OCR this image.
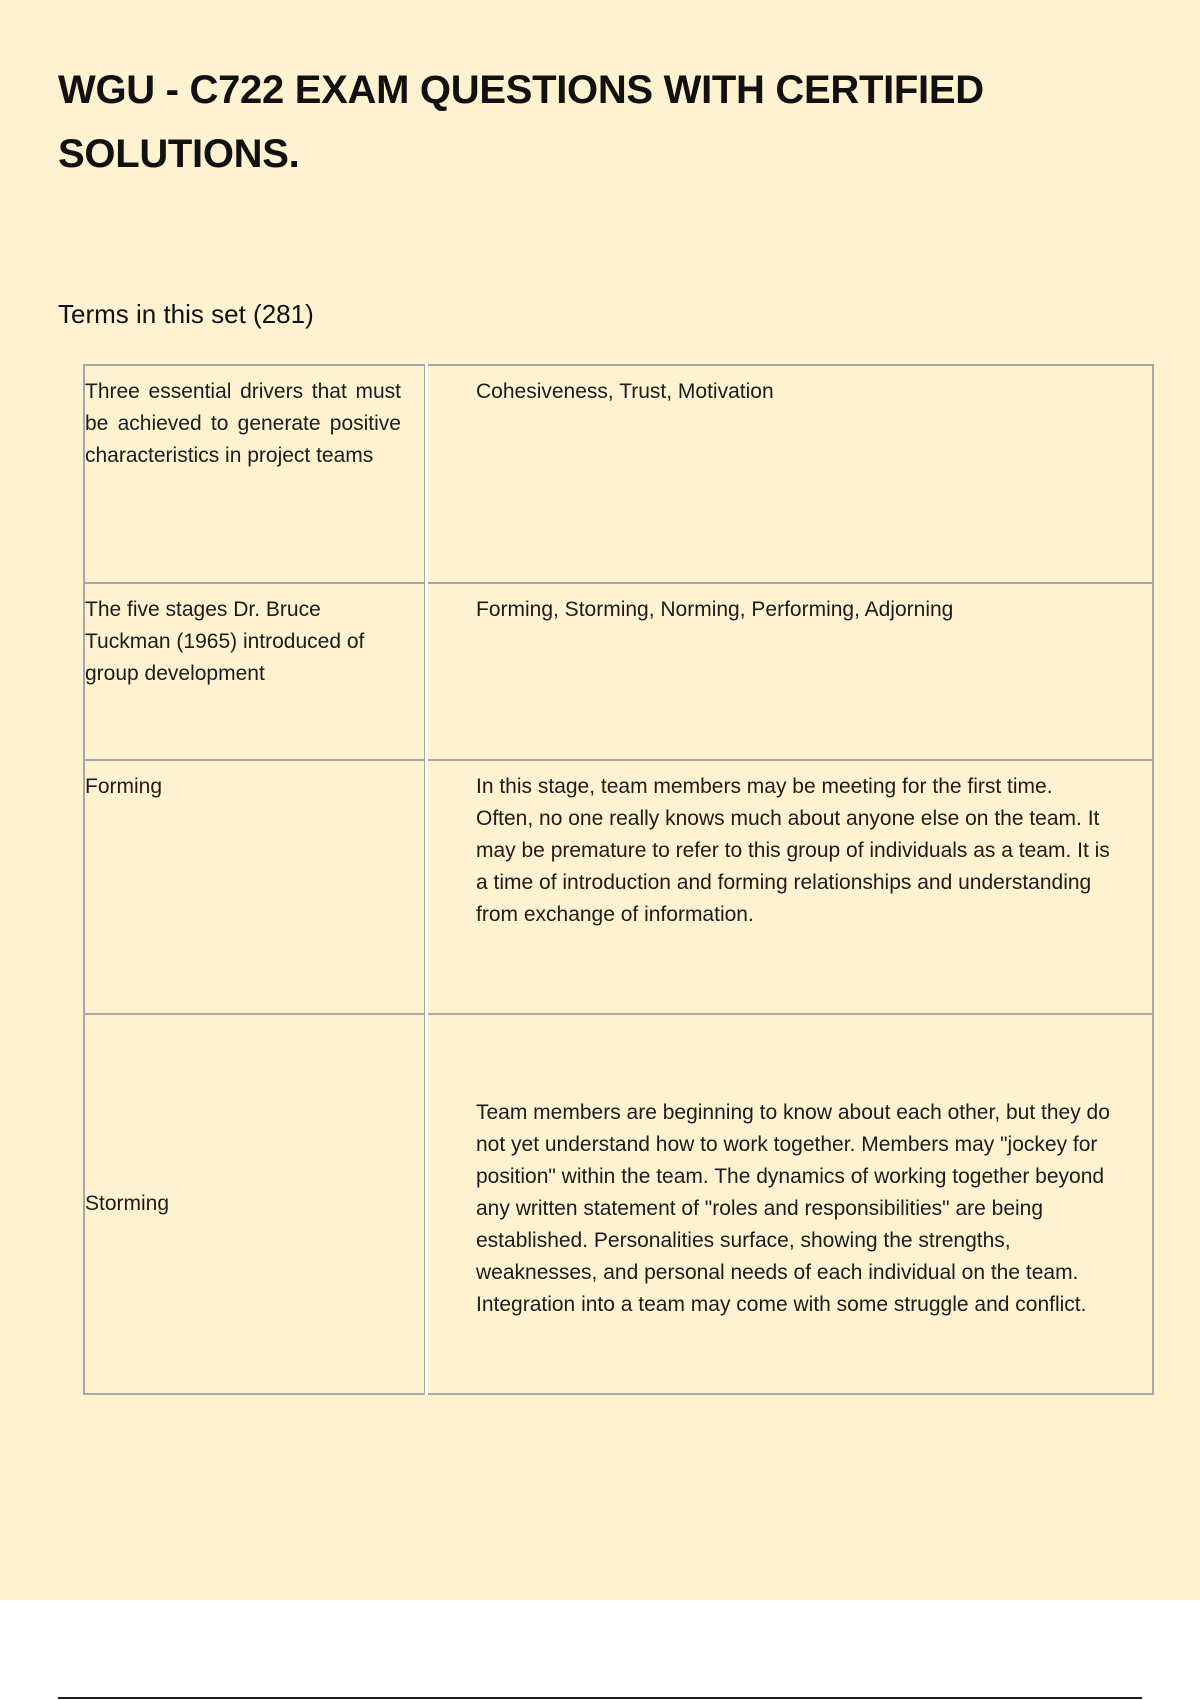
WGU - C722 EXAM QUESTIONS WITH CERTIFIED SOLUTIONS.
Terms in this set (281)
Three essential drivers that must be achieved to generate positive characteristics in project teams	Cohesiveness, Trust, Motivation
The five stages Dr. Bruce Tuckman (1965) introduced of group development	Forming, Storming, Norming, Performing, Adjorning
Forming	In this stage, team members may be meeting for the first time. Often, no one really knows much about anyone else on the team. It may be premature to refer to this group of individuals as a team. It is a time of introduction and forming relationships and understanding from exchange of information.
Storming	Team members are beginning to know about each other, but they do not yet understand how to work together. Members may "jockey for position" within the team. The dynamics of working together beyond any written statement of "roles and responsibilities" are being established. Personalities surface, showing the strengths, weaknesses, and personal needs of each individual on the team. Integration into a team may come with some struggle and conflict.
